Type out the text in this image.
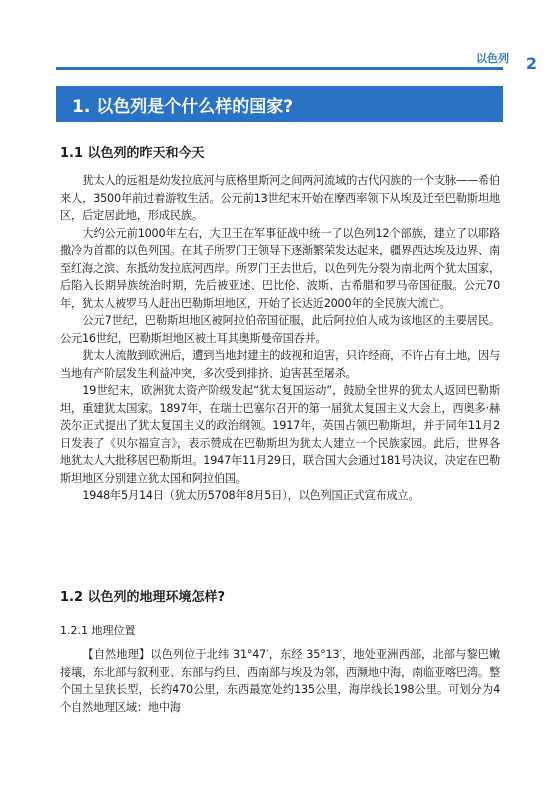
以色列 2
1. 以色列是个什么样的国家?
1.1 以色列的昨天和今天

犹太人的远祖是幼发拉底河与底格里斯河之间两河流域的古代闪族的一个支脉——希伯来人，3500年前过着游牧生活。公元前13世纪末开始在摩西率领下从埃及迁至巴勒斯坦地区，后定居此地，形成民族。

大约公元前1000年左右，大卫王在军事征战中统一了以色列12个部族，建立了以耶路撒冷为首都的以色列国。在其子所罗门王领导下逐渐繁荣发达起来，疆界西达埃及边界、南至红海之滨、东抵幼发拉底河西岸。所罗门王去世后，以色列先分裂为南北两个犹太国家，后陷入长期异族统治时期，先后被亚述、巴比伦、波斯、古希腊和罗马帝国征服。公元70年，犹太人被罗马人赶出巴勒斯坦地区，开始了长达近2000年的全民族大流亡。

公元7世纪，巴勒斯坦地区被阿拉伯帝国征服，此后阿拉伯人成为该地区的主要居民。公元16世纪，巴勒斯坦地区被土耳其奥斯曼帝国吞并。

犹太人流散到欧洲后，遭到当地封建主的歧视和迫害，只许经商，不许占有土地，因与当地有产阶层发生利益冲突，多次受到排挤、迫害甚至屠杀。

19世纪末，欧洲犹太资产阶级发起“犹太复国运动”，鼓励全世界的犹太人返回巴勒斯坦，重建犹太国家。1897年，在瑞士巴塞尔召开的第一届犹太复国主义大会上，西奥多·赫茨尔正式提出了犹太复国主义的政治纲领。1917年，英国占领巴勒斯坦，并于同年11月2日发表了《贝尔福宣言》，表示赞成在巴勒斯坦为犹太人建立一个民族家园。此后，世界各地犹太人大批移居巴勒斯坦。1947年11月29日，联合国大会通过181号决议，决定在巴勒斯坦地区分别建立犹太国和阿拉伯国。

1948年5月14日（犹太历5708年8月5日），以色列国正式宣布成立。

1.2 以色列的地理环境怎样?
1.2.1 地理位置

【自然地理】以色列位于北纬 31°47′，东经 35°13′，地处亚洲西部，北部与黎巴嫩接壤，东北部与叙利亚、东部与约旦、西南部与埃及为邻，西濒地中海，南临亚喀巴湾。整个国土呈狭长型，长约470公里，东西最宽处约135公里，海岸线长198公里。可划分为4个自然地理区域：地中海
